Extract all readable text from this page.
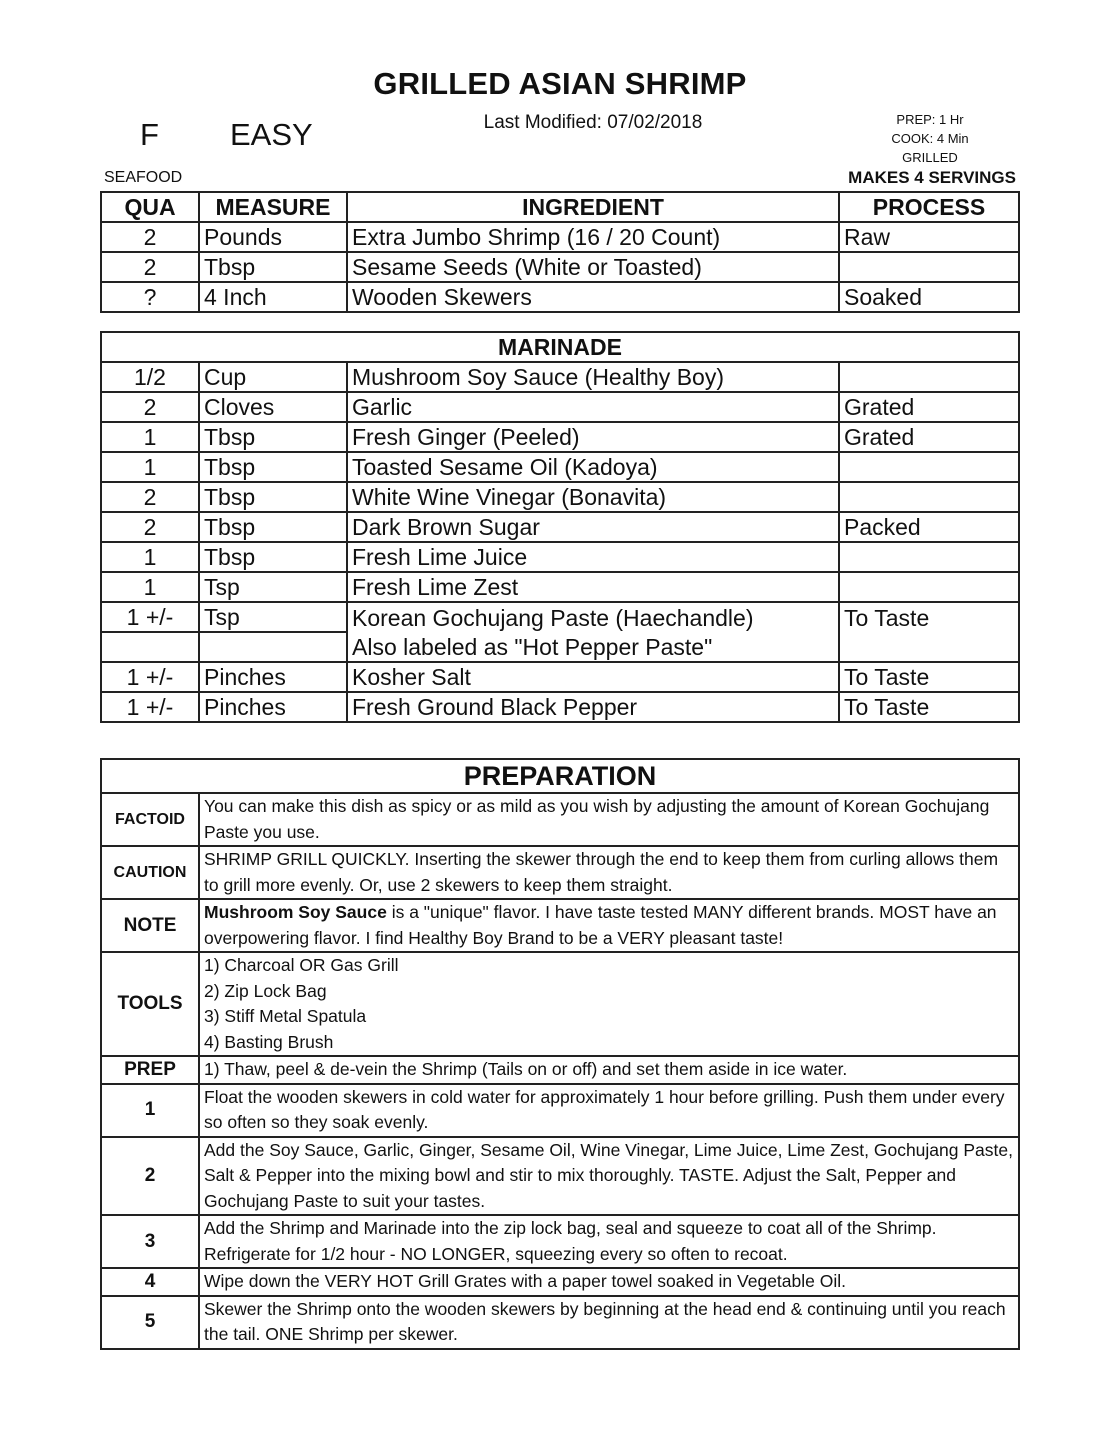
GRILLED ASIAN SHRIMP
Last Modified: 07/02/2018
F EASY	PREP: 1 Hr
COOK: 4 Min
GRILLED
SEAFOOD	MAKES 4 SERVINGS
QUA	MEASURE	INGREDIENT	PROCESS
2	Pounds	Extra Jumbo Shrimp (16 / 20 Count)	Raw
2	Tbsp	Sesame Seeds (White or Toasted)	
?	4 Inch	Wooden Skewers	Soaked
MARINADE			
1/2	Cup	Mushroom Soy Sauce (Healthy Boy)	
2	Cloves	Garlic	Grated
1	Tbsp	Fresh Ginger (Peeled)	Grated
1	Tbsp	Toasted Sesame Oil (Kadoya)	
2	Tbsp	White Wine Vinegar (Bonavita)	
2	Tbsp	Dark Brown Sugar	Packed
1	Tbsp	Fresh Lime Juice	
1	Tsp	Fresh Lime Zest	
1 +/-	Tsp	Korean Gochujang Paste (Haechandle)	To Taste
		Also labeled as "Hot Pepper Paste"	
1 +/-	Pinches	Kosher Salt	To Taste
1 +/-	Pinches	Fresh Ground Black Pepper	To Taste
PREPARATION	
FACTOID	You can make this dish as spicy or as mild as you wish by adjusting the amount of Korean Gochujang Paste you use.
CAUTION	SHRIMP GRILL QUICKLY. Inserting the skewer through the end to keep them from curling allows them to grill more evenly. Or, use 2 skewers to keep them straight.
NOTE	Mushroom Soy Sauce is a "unique" flavor. I have taste tested MANY different brands. MOST have an overpowering flavor. I find Healthy Boy Brand to be a VERY pleasant taste!
TOOLS	1) Charcoal OR Gas Grill
2) Zip Lock Bag
3) Stiff Metal Spatula
4) Basting Brush

PREP	1) Thaw, peel & de-vein the Shrimp (Tails on or off) and set them aside in ice water.
1	Float the wooden skewers in cold water for approximately 1 hour before grilling. Push them under every so often so they soak evenly.
2	Add the Soy Sauce, Garlic, Ginger, Sesame Oil, Wine Vinegar, Lime Juice, Lime Zest, Gochujang Paste, Salt & Pepper into the mixing bowl and stir to mix thoroughly. TASTE. Adjust the Salt, Pepper and Gochujang Paste to suit your tastes.
3	Add the Shrimp and Marinade into the zip lock bag, seal and squeeze to coat all of the Shrimp. Refrigerate for 1/2 hour - NO LONGER, squeezing every so often to recoat.
4	Wipe down the VERY HOT Grill Grates with a paper towel soaked in Vegetable Oil.
5	Skewer the Shrimp onto the wooden skewers by beginning at the head end & continuing until you reach the tail. ONE Shrimp per skewer.
